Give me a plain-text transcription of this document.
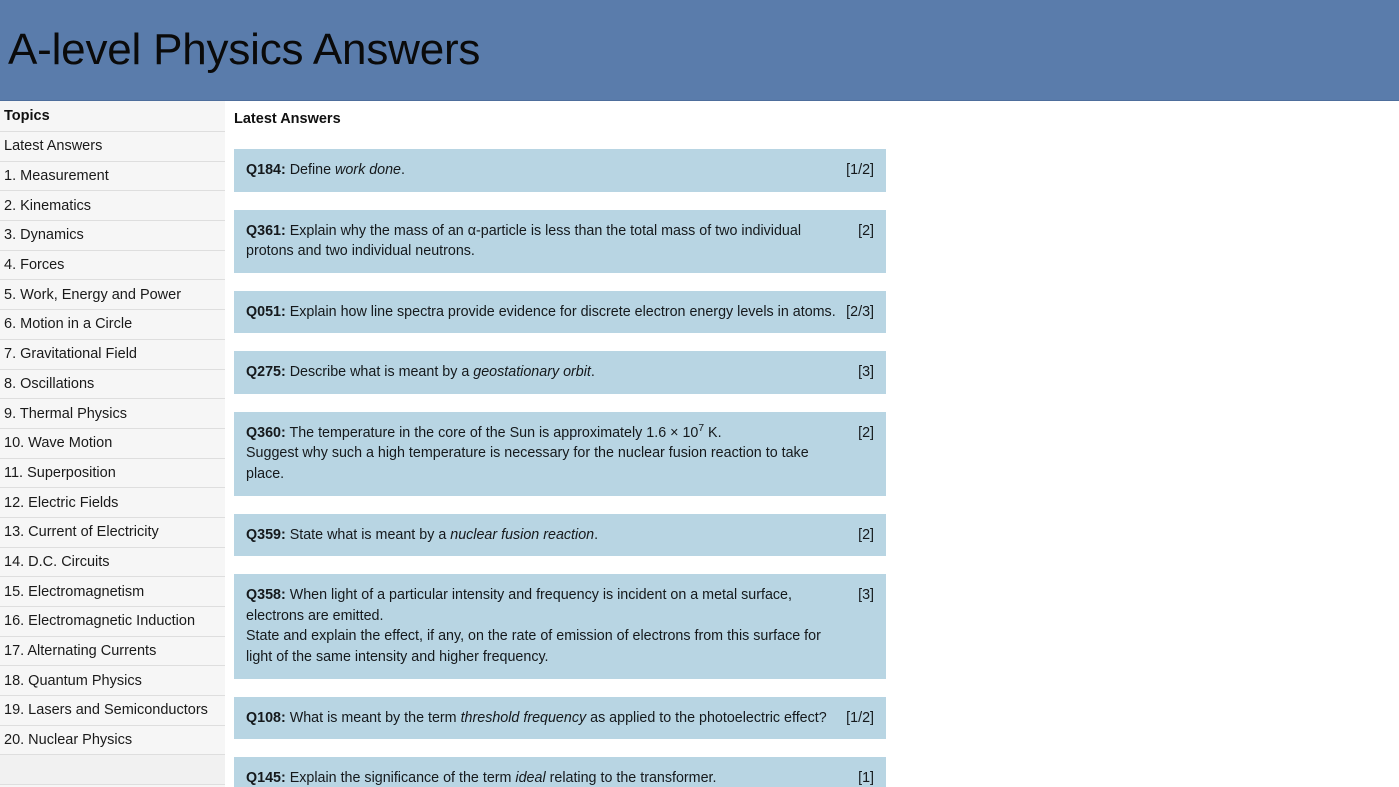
A-level Physics Answers
Topics
Latest Answers
1. Measurement
2. Kinematics
3. Dynamics
4. Forces
5. Work, Energy and Power
6. Motion in a Circle
7. Gravitational Field
8. Oscillations
9. Thermal Physics
10. Wave Motion
11. Superposition
12. Electric Fields
13. Current of Electricity
14. D.C. Circuits
15. Electromagnetism
16. Electromagnetic Induction
17. Alternating Currents
18. Quantum Physics
19. Lasers and Semiconductors
20. Nuclear Physics
Latest Answers
Q184: Define work done.	[1/2]
Q361: Explain why the mass of an α-particle is less than the total mass of two individual protons and two individual neutrons.
[2]
Q051: Explain how line spectra provide evidence for discrete electron energy levels in atoms. [2/3]
Q275: Describe what is meant by a geostationary orbit.	[3]
Q360: The temperature in the core of the Sun is approximately $1.6 \times 10^7$ K.
Suggest why such a high temperature is necessary for the nuclear fusion reaction to take place.
[2]
Q359: State what is meant by a nuclear fusion reaction.	[2]
Q358: When light of a particular intensity and frequency is incident on a metal surface, electrons are emitted.
State and explain the effect, if any, on the rate of emission of electrons from this surface for light of the same intensity and higher frequency.
[3]
Q108: What is meant by the term threshold frequency as applied to the photoelectric effect?	[1/2]
Q145: Explain the significance of the term ideal relating to the transformer.	[1]
